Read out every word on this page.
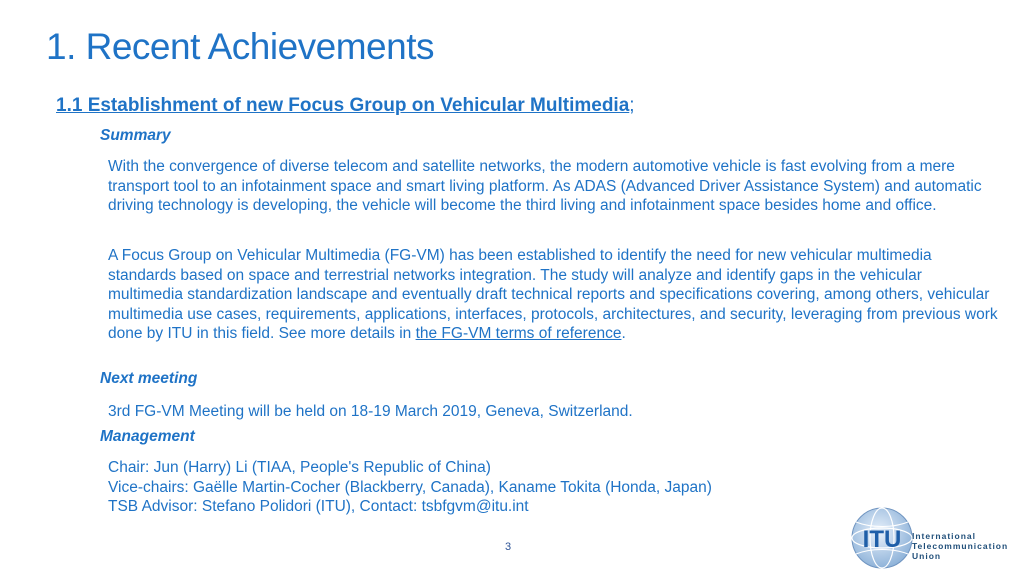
1. Recent Achievements
1.1 Establishment of new Focus Group on Vehicular Multimedia;
Summary

With the convergence of diverse telecom and satellite networks, the modern automotive vehicle is fast evolving from a mere transport tool to an infotainment space and smart living platform. As ADAS (Advanced Driver Assistance System) and automatic driving technology is developing, the vehicle will become the third living and infotainment space besides home and office.

A Focus Group on Vehicular Multimedia (FG-VM) has been established to identify the need for new vehicular multimedia standards based on space and terrestrial networks integration. The study will analyze and identify gaps in the vehicular multimedia standardization landscape and eventually draft technical reports and specifications covering, among others, vehicular multimedia use cases, requirements, applications, interfaces, protocols, architectures, and security, leveraging from previous work done by ITU in this field. See more details in the FG-VM terms of reference.

Next meeting

3rd FG-VM Meeting will be held on 18-19 March 2019, Geneva, Switzerland.

Management

Chair: Jun (Harry) Li (TIAA, People's Republic of China)

Vice-chairs: Gaëlle Martin-Cocher (Blackberry, Canada), Kaname Tokita (Honda, Japan)

TSB Advisor: Stefano Polidori (ITU), Contact: tsbfgvm@itu.int

3	ITU International
Telecommunication
Union
